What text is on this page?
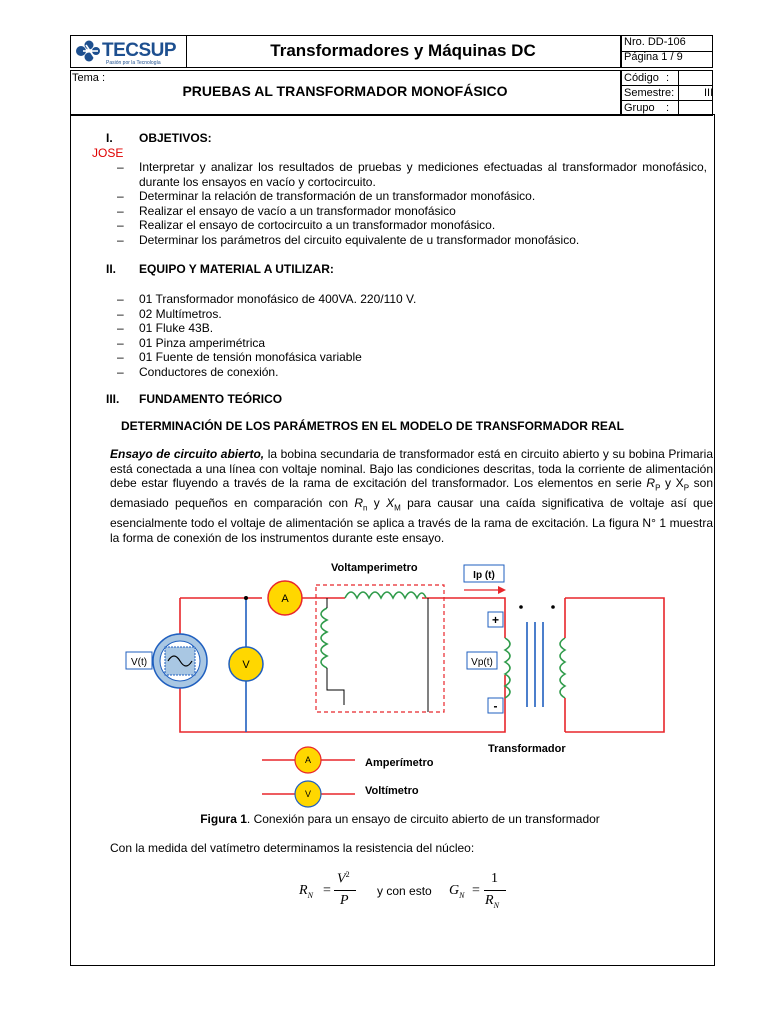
TECSUP
Pasión por la Tecnología
Transformadores y Máquinas DC	Nro. DD-106
Página 1 / 9
Tema :
PRUEBAS AL TRANSFORMADOR MONOFÁSICO
Código :
Semestre:	III
Grupo :
I. OBJETIVOS:
JOSE
– Interpretar y analizar los resultados de pruebas y mediciones efectuadas al transformador monofásico, durante los ensayos en vacío y cortocircuito.
– Determinar la relación de transformación de un transformador monofásico.
– Realizar el ensayo de vacío a un transformador monofásico
– Realizar el ensayo de cortocircuito a un transformador monofásico.
– Determinar los parámetros del circuito equivalente de u transformador monofásico.
II. EQUIPO Y MATERIAL A UTILIZAR:
– 01 Transformador monofásico de 400VA. 220/110 V.
– 02 Multímetros.
– 01 Fluke 43B.
– 01 Pinza amperimétrica
– 01 Fuente de tensión monofásica variable
– Conductores de conexión.
III. FUNDAMENTO TEÓRICO
DETERMINACIÓN DE LOS PARÁMETROS EN EL MODELO DE TRANSFORMADOR REAL
Ensayo de circuito abierto, la bobina secundaria de transformador está en circuito abierto y su bobina Primaria está conectada a una línea con voltaje nominal. Bajo las condiciones descritas, toda la corriente de alimentación debe estar fluyendo a través de la rama de excitación del transformador. Los elementos en serie $R_P$ y $X_P$ son demasiado pequeños en comparación con $R_n$ y $X_M$ para causar una caída significativa de voltaje así que esencialmente todo el voltaje de alimentación se aplica a través de la rama de excitación. La figura N° 1 muestra la forma de conexión de los instrumentos durante este ensayo.
Voltamperimetro
A
V
V(t)
Ip (t)
+
Vp(t)
-
Transformador
A	Amperímetro
V	Voltímetro
Figura 1. Conexión para un ensayo de circuito abierto de un transformador
Con la medida del vatímetro determinamos la resistencia del núcleo:
$R_N$ =
$V^2$
P
y con esto $G_N$ =
1
$R_N$
